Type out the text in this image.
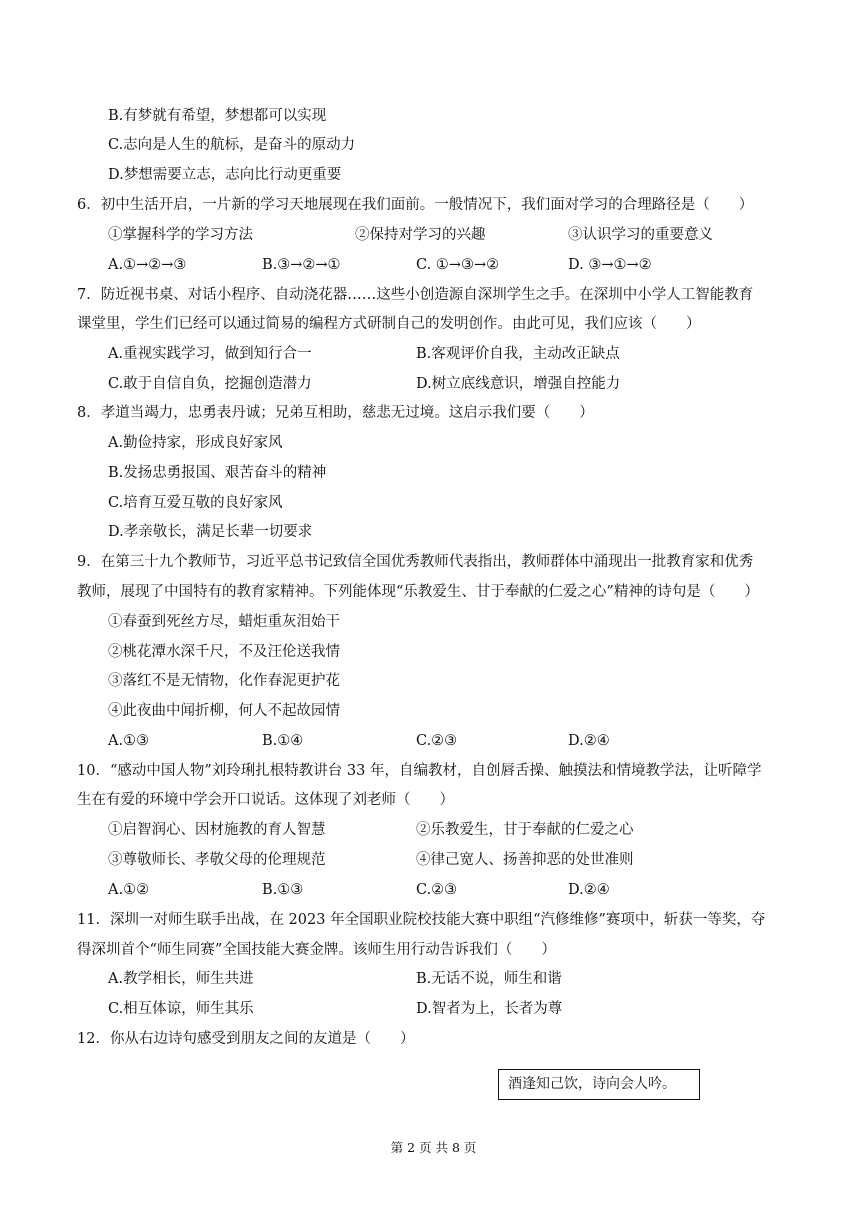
B.有梦就有希望，梦想都可以实现
C.志向是人生的航标，是奋斗的原动力
D.梦想需要立志，志向比行动更重要
6．初中生活开启，一片新的学习天地展现在我们面前。一般情况下，我们面对学习的合理路径是（　　）
①掌握科学的学习方法	②保持对学习的兴趣	③认识学习的重要意义
A.①→②→③	B.③→②→①	C. ①→③→②	D. ③→①→②
7．防近视书桌、对话小程序、自动浇花器……这些小创造源自深圳学生之手。在深圳中小学人工智能教育
课堂里，学生们已经可以通过简易的编程方式研制自己的发明创作。由此可见，我们应该（　　）
A.重视实践学习，做到知行合一	B.客观评价自我，主动改正缺点
C.敢于自信自负，挖掘创造潜力	D.树立底线意识，增强自控能力
8．孝道当竭力，忠勇表丹诚；兄弟互相助，慈悲无过境。这启示我们要（　　）
A.勤俭持家，形成良好家风
B.发扬忠勇报国、艰苦奋斗的精神
C.培育互爱互敬的良好家风
D.孝亲敬长，满足长辈一切要求
9．在第三十九个教师节，习近平总书记致信全国优秀教师代表指出，教师群体中涌现出一批教育家和优秀
教师，展现了中国特有的教育家精神。下列能体现“乐教爱生、甘于奉献的仁爱之心”精神的诗句是（　　）
①春蚕到死丝方尽，蜡炬重灰泪始干
②桃花潭水深千尺，不及汪伦送我情
③落红不是无情物，化作春泥更护花
④此夜曲中闻折柳，何人不起故园情
A.①③	B.①④	C.②③	D.②④
10．“感动中国人物”刘玲琍扎根特教讲台 33 年，自编教材，自创唇舌操、触摸法和情境教学法，让听障学
生在有爱的环境中学会开口说话。这体现了刘老师（　　）
①启智润心、因材施教的育人智慧	②乐教爱生，甘于奉献的仁爱之心
③尊敬师长、孝敬父母的伦理规范	④律己宽人、扬善抑恶的处世准则
A.①②	B.①③	C.②③	D.②④
11．深圳一对师生联手出战，在 2023 年全国职业院校技能大赛中职组“汽修维修”赛项中，斩获一等奖，夺
得深圳首个“师生同赛”全国技能大赛金牌。该师生用行动告诉我们（　　）
A.教学相长，师生共进	B.无话不说，师生和谐
C.相互体谅，师生其乐	D.智者为上，长者为尊
12．你从右边诗句感受到朋友之间的友道是（　　）
酒逢知己饮，诗向会人吟。
第 2 页 共 8 页
